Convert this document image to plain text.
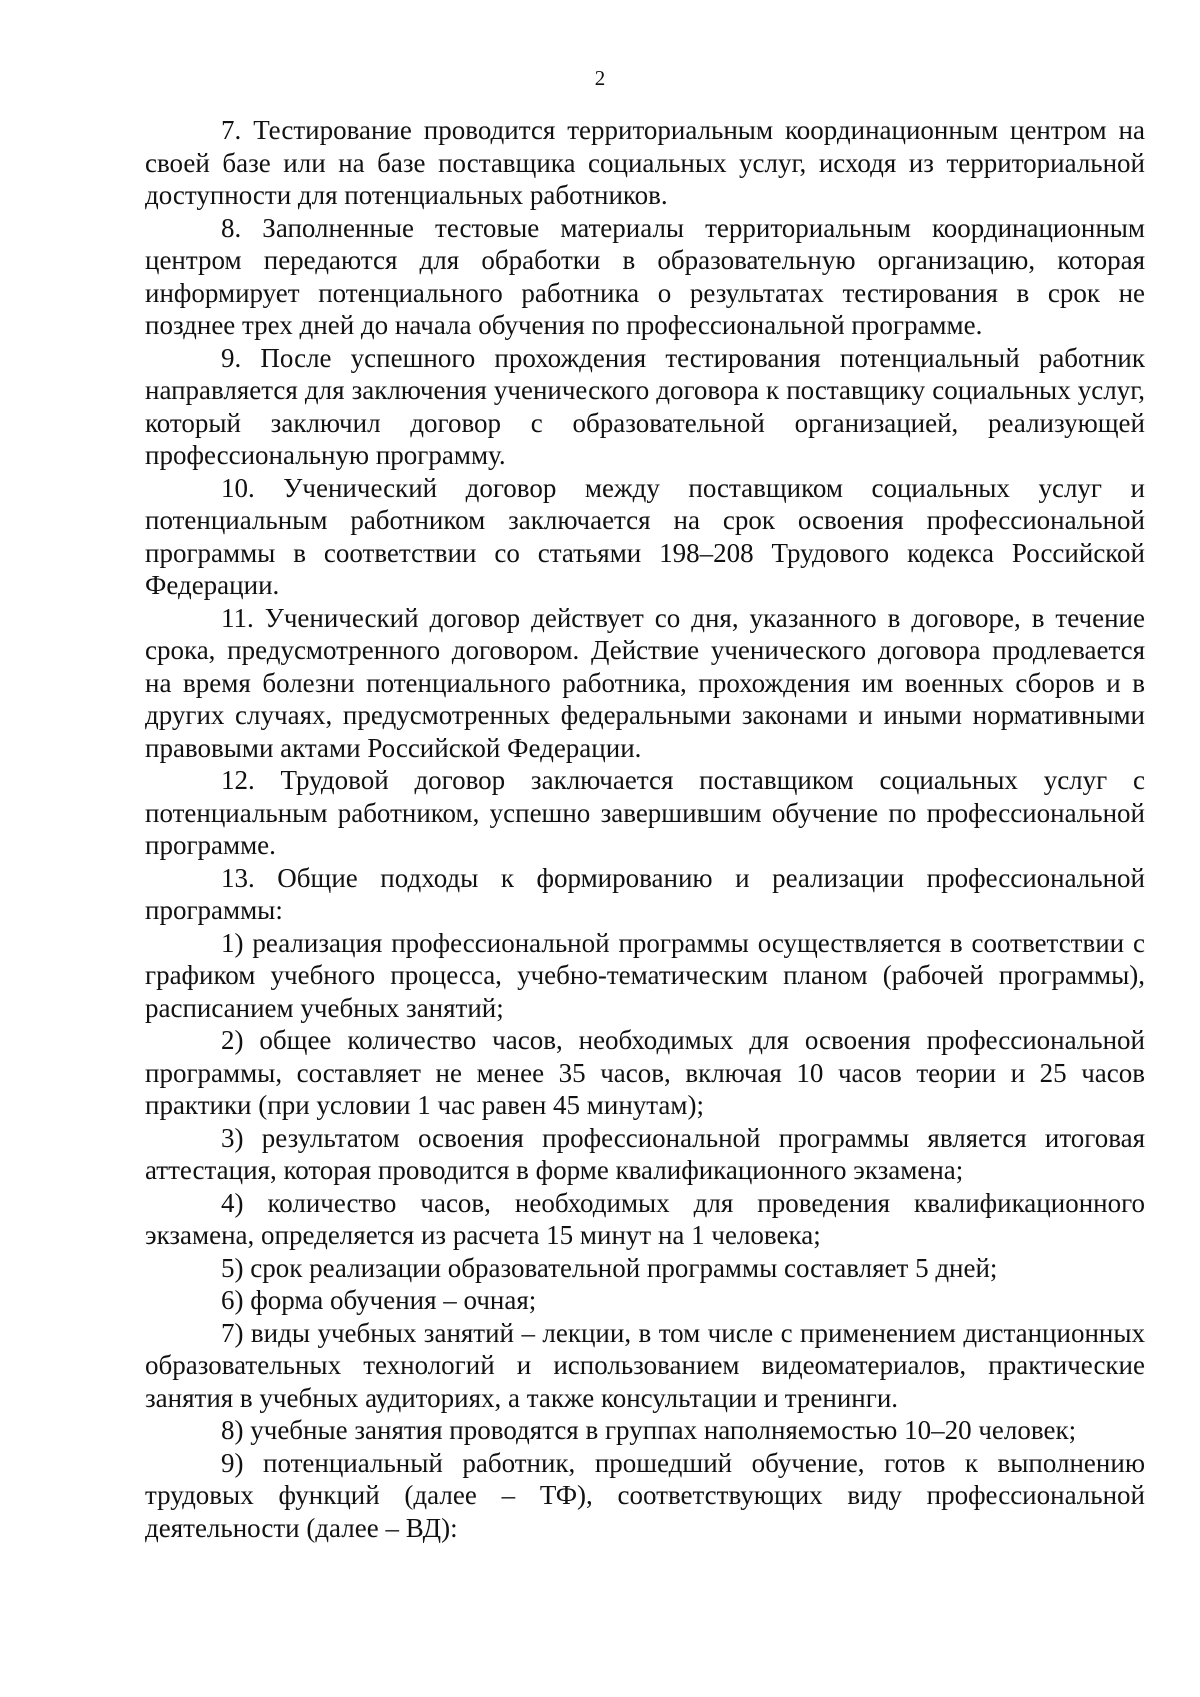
2

7. Тестирование проводится территориальным координационным центром на своей базе или на базе поставщика социальных услуг, исходя из территориальной доступности для потенциальных работников.

8. Заполненные тестовые материалы территориальным координационным центром передаются для обработки в образовательную организацию, которая информирует потенциального работника о результатах тестирования в срок не позднее трех дней до начала обучения по профессиональной программе.

9. После успешного прохождения тестирования потенциальный работник направляется для заключения ученического договора к поставщику социальных услуг, который заключил договор с образовательной организацией, реализующей профессиональную программу.

10. Ученический договор между поставщиком социальных услуг и потенциальным работником заключается на срок освоения профессиональной программы в соответствии со статьями 198–208 Трудового кодекса Российской Федерации.

11. Ученический договор действует со дня, указанного в договоре, в течение срока, предусмотренного договором. Действие ученического договора продлевается на время болезни потенциального работника, прохождения им военных сборов и в других случаях, предусмотренных федеральными законами и иными нормативными правовыми актами Российской Федерации.

12. Трудовой договор заключается поставщиком социальных услуг с потенциальным работником, успешно завершившим обучение по профессиональной программе.

13. Общие подходы к формированию и реализации профессиональной программы:

1) реализация профессиональной программы осуществляется в соответствии с графиком учебного процесса, учебно-тематическим планом (рабочей программы), расписанием учебных занятий;

2) общее количество часов, необходимых для освоения профессиональной программы, составляет не менее 35 часов, включая 10 часов теории и 25 часов практики (при условии 1 час равен 45 минутам);

3) результатом освоения профессиональной программы является итоговая аттестация, которая проводится в форме квалификационного экзамена;

4) количество часов, необходимых для проведения квалификационного экзамена, определяется из расчета 15 минут на 1 человека;

5) срок реализации образовательной программы составляет 5 дней;

6) форма обучения – очная;

7) виды учебных занятий – лекции, в том числе с применением дистанционных образовательных технологий и использованием видеоматериалов, практические занятия в учебных аудиториях, а также консультации и тренинги.

8) учебные занятия проводятся в группах наполняемостью 10–20 человек;

9) потенциальный работник, прошедший обучение, готов к выполнению трудовых функций (далее – ТФ), соответствующих виду профессиональной деятельности (далее – ВД):
